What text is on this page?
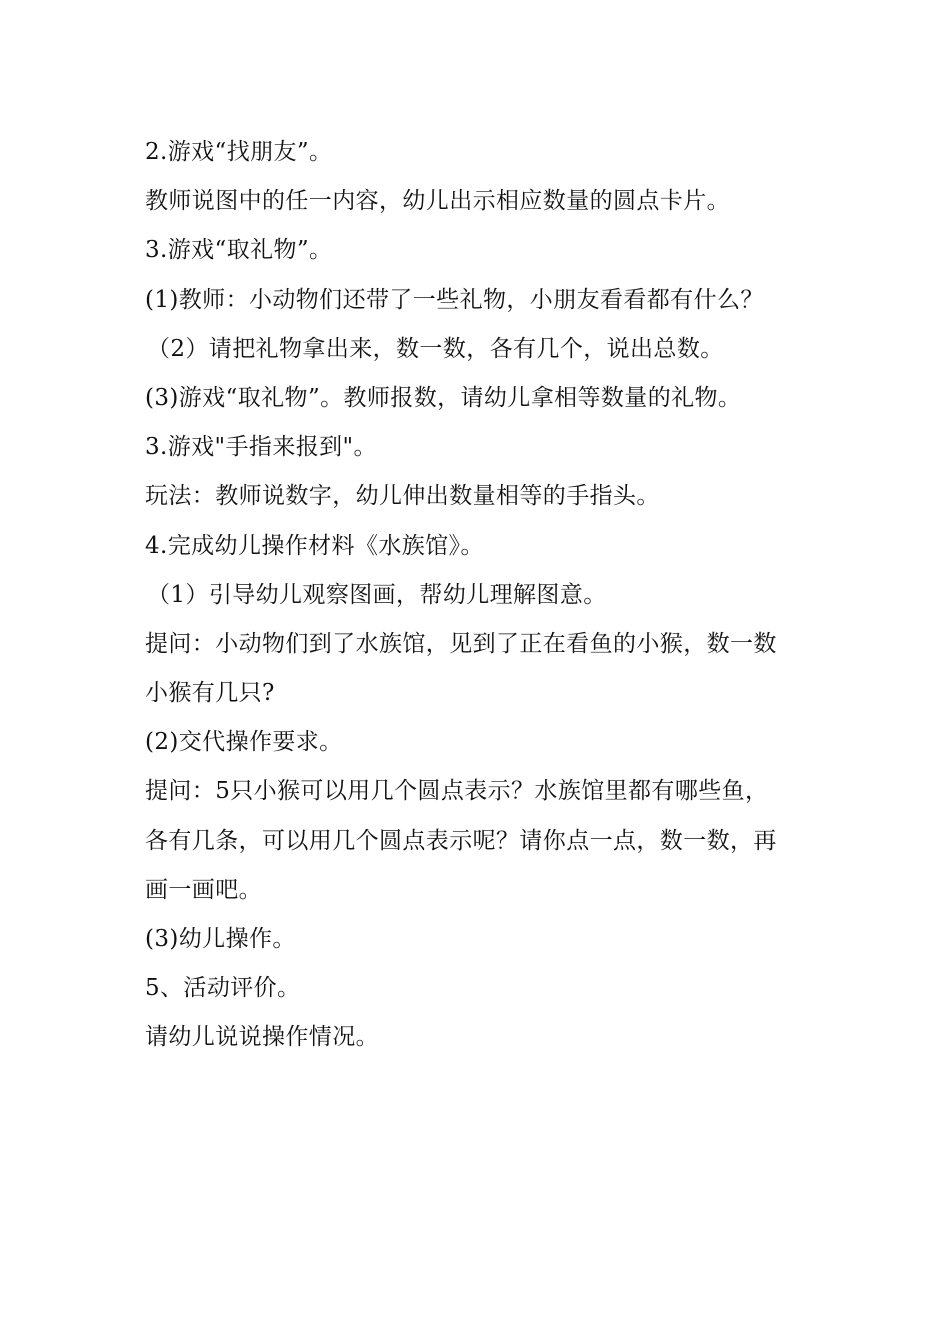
2.游戏“找朋友”。
教师说图中的任一内容，幼儿出示相应数量的圆点卡片。
3.游戏“取礼物”。
(1)教师：小动物们还带了一些礼物，小朋友看看都有什么？
（2）请把礼物拿出来，数一数，各有几个，说出总数。
(3)游戏“取礼物”。教师报数，请幼儿拿相等数量的礼物。
3.游戏"手指来报到"。
玩法：教师说数字，幼儿伸出数量相等的手指头。
4.完成幼儿操作材料《水族馆》。
（1）引导幼儿观察图画，帮幼儿理解图意。
提问：小动物们到了水族馆，见到了正在看鱼的小猴，数一数
小猴有几只?
(2)交代操作要求。
提问：5只小猴可以用几个圆点表示？水族馆里都有哪些鱼，
各有几条，可以用几个圆点表示呢？请你点一点，数一数，再
画一画吧。
(3)幼儿操作。
5、活动评价。
请幼儿说说操作情况。
